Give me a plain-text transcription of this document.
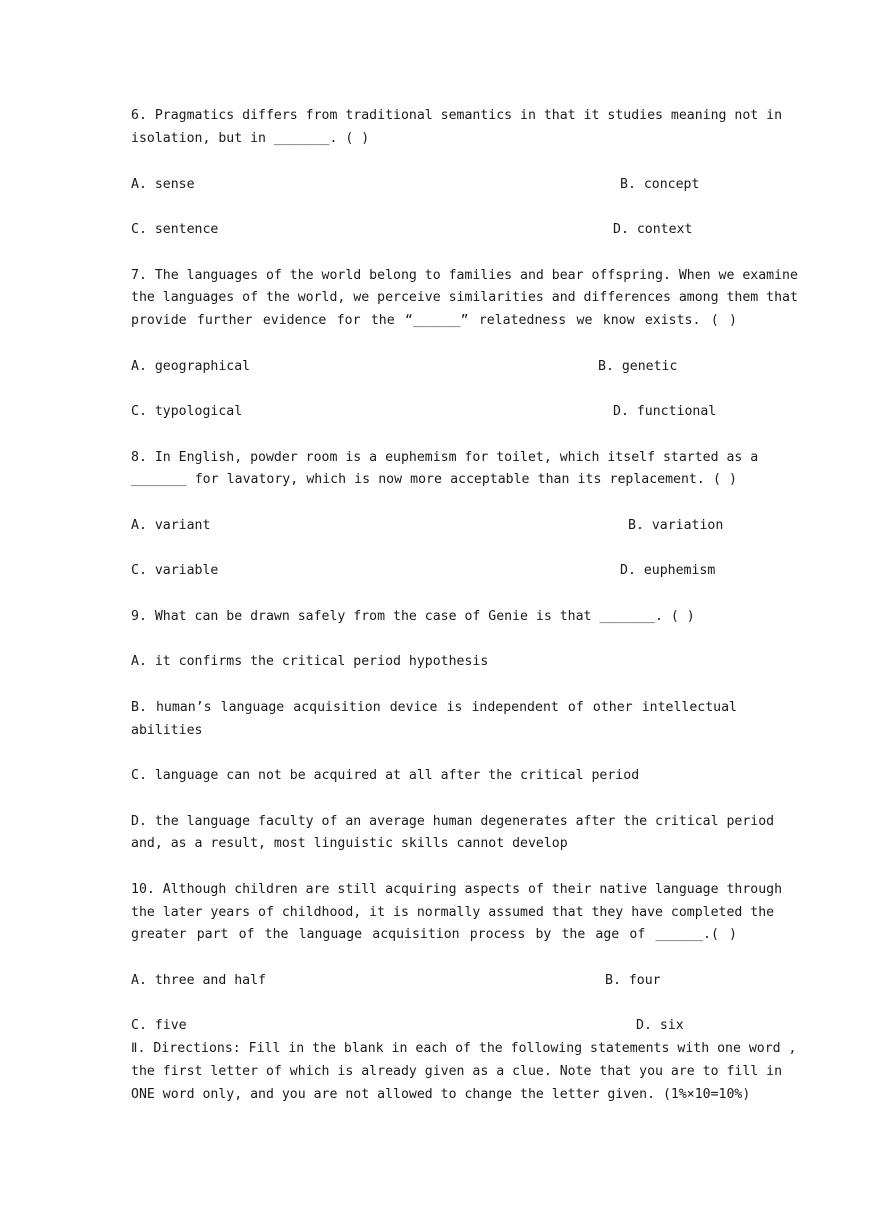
6. Pragmatics differs from traditional semantics in that it studies meaning not in
isolation, but in _______. ( )
A. sense	B. concept
C. sentence	D. context
7. The languages of the world belong to families and bear offspring. When we examine
the languages of the world, we perceive similarities and differences among them that
provide further evidence for the “______” relatedness we know exists. ( )
A. geographical	B. genetic
C. typological	D. functional
8. In English, powder room is a euphemism for toilet, which itself started as a
_______ for lavatory, which is now more acceptable than its replacement. ( )
A. variant	B. variation
C. variable	D. euphemism
9. What can be drawn safely from the case of Genie is that _______. ( )
A. it confirms the critical period hypothesis
B. human’s language acquisition device is independent of other intellectual
abilities
C. language can not be acquired at all after the critical period
D. the language faculty of an average human degenerates after the critical period
and, as a result, most linguistic skills cannot develop
10. Although children are still acquiring aspects of their native language through
the later years of childhood, it is normally assumed that they have completed the
greater part of the language acquisition process by the age of ______.( )
A. three and half	B. four
C. five	D. six
Ⅱ. Directions: Fill in the blank in each of the following statements with one word ,
the first letter of which is already given as a clue. Note that you are to fill in
ONE word only, and you are not allowed to change the letter given. (1%×10=10%)
